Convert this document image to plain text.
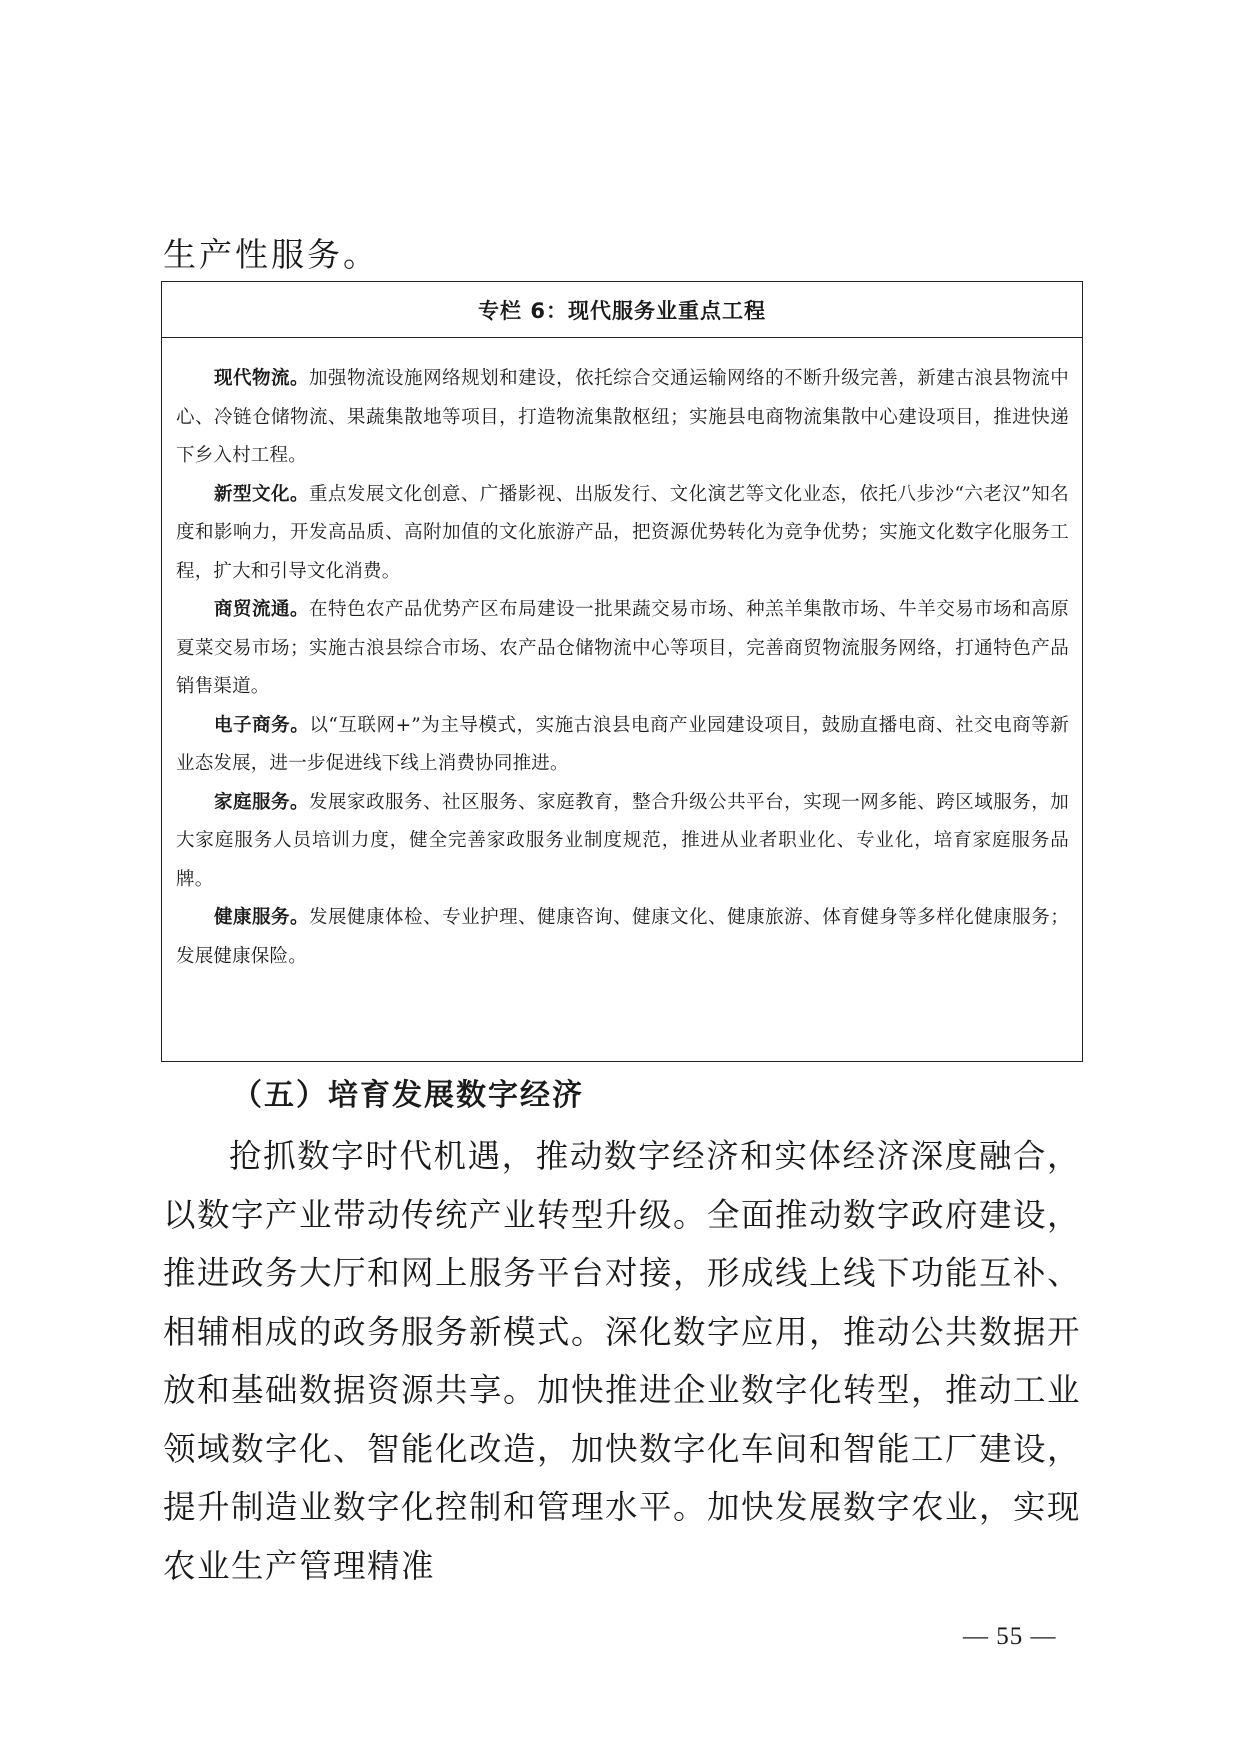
生产性服务。
专栏 6：现代服务业重点工程

现代物流。加强物流设施网络规划和建设，依托综合交通运输网络的不断升级完善，新建古浪县物流中心、冷链仓储物流、果蔬集散地等项目，打造物流集散枢纽；实施县电商物流集散中心建设项目，推进快递下乡入村工程。

新型文化。重点发展文化创意、广播影视、出版发行、文化演艺等文化业态，依托八步沙“六老汉”知名度和影响力，开发高品质、高附加值的文化旅游产品，把资源优势转化为竞争优势；实施文化数字化服务工程，扩大和引导文化消费。

商贸流通。在特色农产品优势产区布局建设一批果蔬交易市场、种羔羊集散市场、牛羊交易市场和高原夏菜交易市场；实施古浪县综合市场、农产品仓储物流中心等项目，完善商贸物流服务网络，打通特色产品销售渠道。

电子商务。以“互联网+”为主导模式，实施古浪县电商产业园建设项目，鼓励直播电商、社交电商等新业态发展，进一步促进线下线上消费协同推进。

家庭服务。发展家政服务、社区服务、家庭教育，整合升级公共平台，实现一网多能、跨区域服务，加大家庭服务人员培训力度，健全完善家政服务业制度规范，推进从业者职业化、专业化，培育家庭服务品牌。

健康服务。发展健康体检、专业护理、健康咨询、健康文化、健康旅游、体育健身等多样化健康服务；发展健康保险。

（五）培育发展数字经济

抢抓数字时代机遇，推动数字经济和实体经济深度融合，以数字产业带动传统产业转型升级。全面推动数字政府建设，推进政务大厅和网上服务平台对接，形成线上线下功能互补、相辅相成的政务服务新模式。深化数字应用，推动公共数据开放和基础数据资源共享。加快推进企业数字化转型，推动工业领域数字化、智能化改造，加快数字化车间和智能工厂建设，提升制造业数字化控制和管理水平。加快发展数字农业，实现农业生产管理精准

— 55 —
